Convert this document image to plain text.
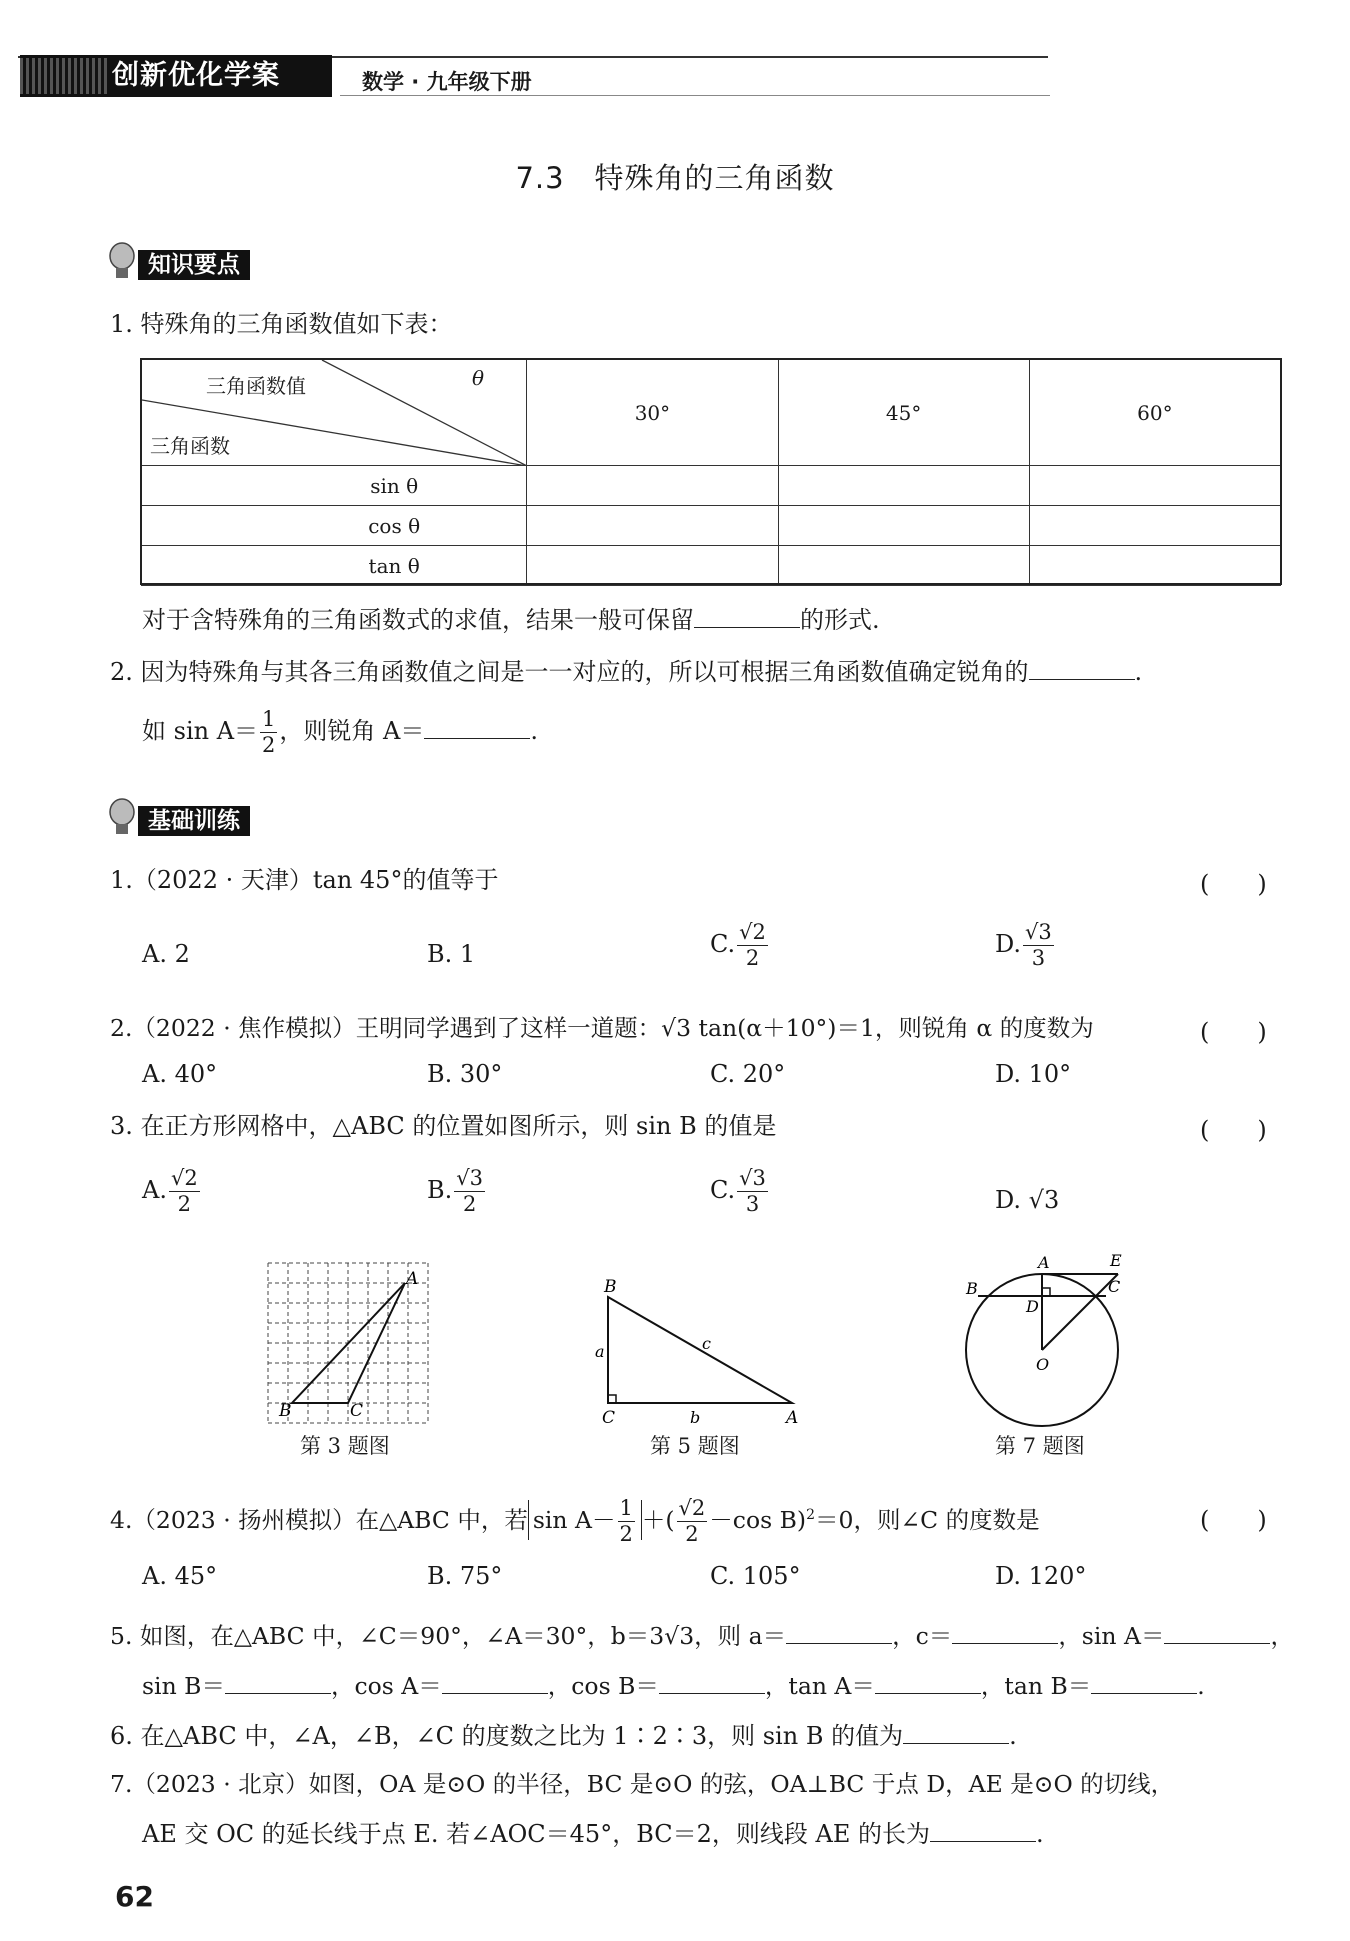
创新优化学案	数学 · 九年级下册
7.3　特殊角的三角函数
知识要点
1. 特殊角的三角函数值如下表：
三角函数值 θ
三角函数	30°	45°	60°
sin θ			
cos θ			
tan θ			
对于含特殊角的三角函数式的求值，结果一般可保留	的形式.
2. 因为特殊角与其各三角函数值之间是一一对应的，所以可根据三角函数值确定锐角的	.
如 $\sin A= \frac{1}{2}$ ，则锐角 A＝	.
基础训练
1.（2022 · 天津）tan 45°的值等于	(　　)
A. 2	B. 1	C. $\frac{√2}{2}$	D. $\frac{√3}{3}$
2.（2022 · 焦作模拟）王明同学遇到了这样一道题：√3 tan(α＋10°)＝1，则锐角 α 的度数为	(　　)
A. 40°	B. 30°	C. 20°	D. 10°
3. 在正方形网格中，△ABC 的位置如图所示，则 sin B 的值是	(　　)
A. $\frac{√2}{2}$	B. $\frac{√3}{2}$	C. $\frac{√3}{3}$	D. √3
A
B	C
第 3 题图
B
C	A
a
b
c
第 5 题图
A	E
B	C
D
O
第 7 题图
4.（2023 · 扬州模拟）在△ABC 中，若 $\sin A- \frac{1}{2}$ ＋( $\frac{√2}{2} -\cos$ B)$^2$＝0，则∠C 的度数是	(　　)
A. 45°	B. 75°	C. 105°	D. 120°
5. 如图，在△ABC 中，∠C＝90°，∠A＝30°，b＝3√3，则 a＝	，c＝	，sin A＝	，
sin B＝	，cos A＝	，cos B＝	，tan A＝	，tan B＝	.
6. 在△ABC 中，∠A，∠B，∠C 的度数之比为 1∶2∶3，则 sin B 的值为	.
7.（2023 · 北京）如图，OA 是⊙O 的半径，BC 是⊙O 的弦，OA⊥BC 于点 D，AE 是⊙O 的切线，
AE 交 OC 的延长线于点 E. 若∠AOC＝45°，BC＝2，则线段 AE 的长为	.
62
